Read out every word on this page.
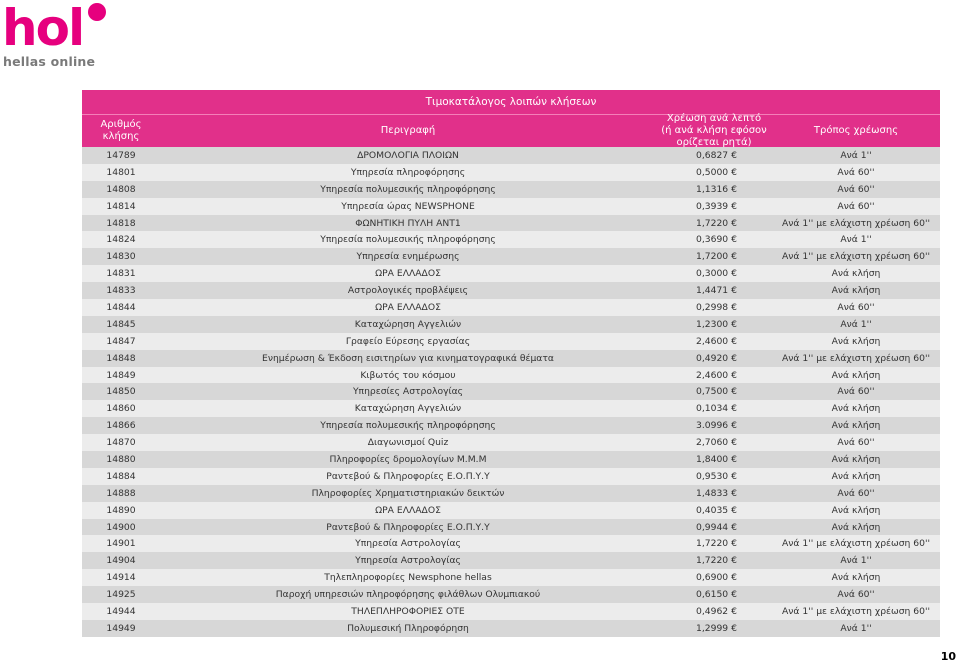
hol
hellas online
Τιμοκατάλογος λοιπών κλήσεων
Αριθμός κλήσης
Περιγραφή
Χρέωση ανά λεπτό
(ή ανά κλήση εφόσον ορίζεται ρητά)
Τρόπος χρέωσης
14789	ΔΡΟΜΟΛΟΓΙΑ ΠΛΟΙΩΝ	0,6827 €	Ανά 1''
14801	Υπηρεσία πληροφόρησης	0,5000 €	Ανά 60''
14808	Υπηρεσία πολυμεσικής πληροφόρησης	1,1316 €	Ανά 60''
14814	Υπηρεσία ώρας NEWSPHONE	0,3939 €	Ανά 60''
14818	ΦΩΝΗΤΙΚΗ ΠΥΛΗ ΑΝΤ1	1,7220 €	Ανά 1'' με ελάχιστη χρέωση 60''
14824	Υπηρεσία πολυμεσικής πληροφόρησης	0,3690 €	Ανά 1''
14830	Υπηρεσία ενημέρωσης	1,7200 €	Ανά 1'' με ελάχιστη χρέωση 60''
14831	ΩΡΑ ΕΛΛΑΔΟΣ	0,3000 €	Ανά κλήση
14833	Αστρολογικές προβλέψεις	1,4471 €	Ανά κλήση
14844	ΩΡΑ ΕΛΛΑΔΟΣ	0,2998 €	Ανά 60''
14845	Καταχώρηση Αγγελιών	1,2300 €	Ανά 1''
14847	Γραφείο Εύρεσης εργασίας	2,4600 €	Ανά κλήση
14848	Ενημέρωση & Έκδοση εισιτηρίων για κινηματογραφικά θέματα	0,4920 €	Ανά 1'' με ελάχιστη χρέωση 60''
14849	Κιβωτός του κόσμου	2,4600 €	Ανά κλήση
14850	Υπηρεσίες Αστρολογίας	0,7500 €	Ανά 60''
14860	Καταχώρηση Αγγελιών	0,1034 €	Ανά κλήση
14866	Υπηρεσία πολυμεσικής πληροφόρησης	3.0996 €	Ανά κλήση
14870	Διαγωνισμοί Quiz	2,7060 €	Ανά 60''
14880	Πληροφορίες δρομολογίων Μ.Μ.Μ	1,8400 €	Ανά κλήση
14884	Ραντεβού & Πληροφορίες Ε.Ο.Π.Υ.Υ	0,9530 €	Ανά κλήση
14888	Πληροφορίες Χρηματιστηριακών δεικτών	1,4833 €	Ανά 60''
14890	ΩΡΑ ΕΛΛΑΔΟΣ	0,4035 €	Ανά κλήση
14900	Ραντεβού & Πληροφορίες Ε.Ο.Π.Υ.Υ	0,9944 €	Ανά κλήση
14901	Υπηρεσία Αστρολογίας	1,7220 €	Ανά 1'' με ελάχιστη χρέωση 60''
14904	Υπηρεσία Αστρολογίας	1,7220 €	Ανά 1''
14914	Τηλεπληροφορίες Newsphone hellas	0,6900 €	Ανά κλήση
14925	Παροχή υπηρεσιών πληροφόρησης φιλάθλων Ολυμπιακού	0,6150 €	Ανά 60''
14944	ΤΗΛΕΠΛΗΡΟΦΟΡΙΕΣ ΟΤΕ	0,4962 €	Ανά 1'' με ελάχιστη χρέωση 60''
14949	Πολυμεσική Πληροφόρηση	1,2999 €	Ανά 1''
10
